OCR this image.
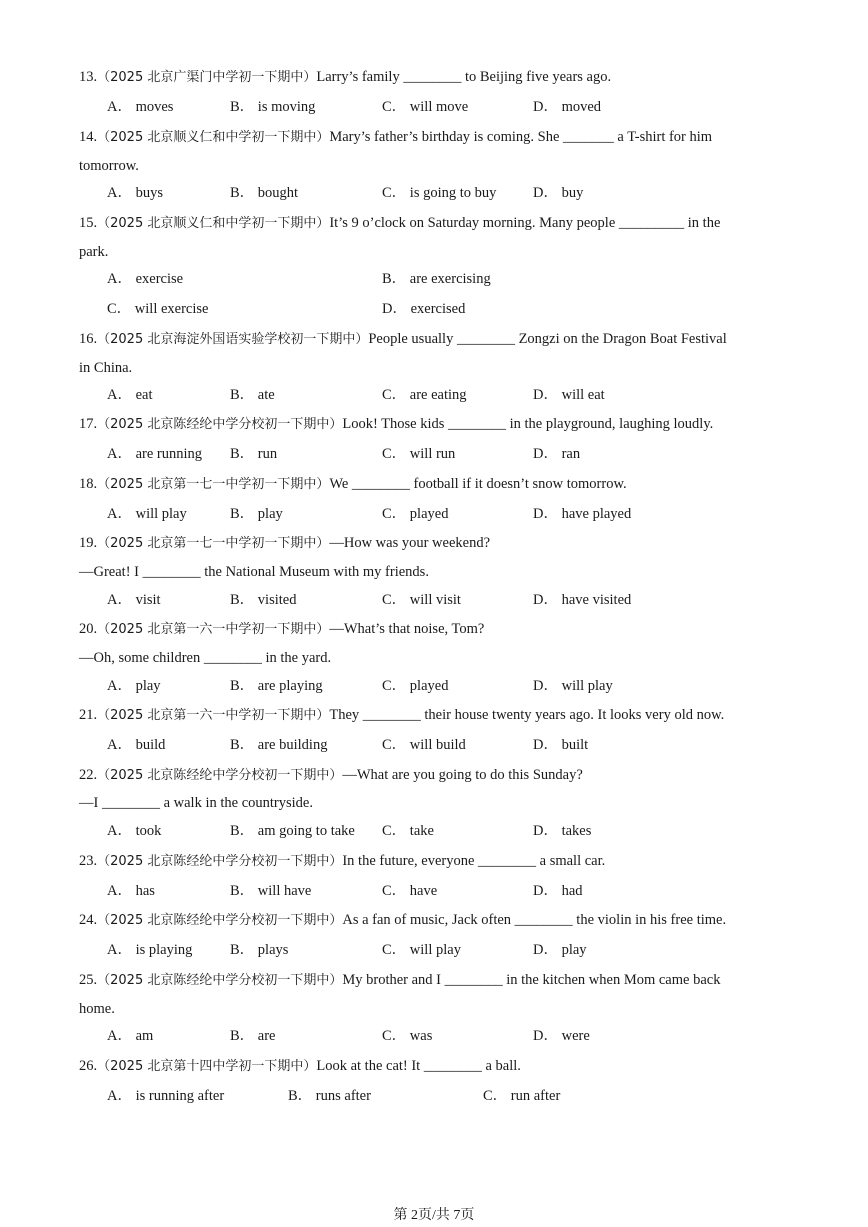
13.（2025 北京广渠门中学初一下期中）Larry’s family ________ to Beijing five years ago.
A． moves	B． is moving	C． will move	D． moved
14.（2025 北京顺义仁和中学初一下期中）Mary’s father’s birthday is coming. She _______ a T-shirt for him
tomorrow.
A． buys	B． bought	C． is going to buy	D． buy
15.（2025 北京顺义仁和中学初一下期中）It’s 9 o’clock on Saturday morning. Many people _________ in the
park.
A． exercise	B． are exercising
C． will exercise	D． exercised
16.（2025 北京海淀外国语实验学校初一下期中）People usually ________ Zongzi on the Dragon Boat Festival
in China.
A． eat	B． ate	C． are eating	D． will eat
17.（2025 北京陈经纶中学分校初一下期中）Look! Those kids ________ in the playground, laughing loudly.
A． are running B． run	C． will run	D． ran
18.（2025 北京第一七一中学初一下期中）We ________ football if it doesn’t snow tomorrow.
A． will play	B． play	C． played	D． have played
19.（2025 北京第一七一中学初一下期中）—How was your weekend?
—Great! I ________ the National Museum with my friends.
A． visit	B． visited	C． will visit	D． have visited
20.（2025 北京第一六一中学初一下期中）—What’s that noise, Tom?
—Oh, some children ________ in the yard.
A． play	B． are playing	C． played	D． will play
21.（2025 北京第一六一中学初一下期中）They ________ their house twenty years ago. It looks very old now.
A． build	B． are building	C． will build	D． built
22.（2025 北京陈经纶中学分校初一下期中）—What are you going to do this Sunday?
—I ________ a walk in the countryside.
A． took	B． am going to take C． take	D． takes
23.（2025 北京陈经纶中学分校初一下期中）In the future, everyone ________ a small car.
A． has	B． will have	C． have	D． had
24.（2025 北京陈经纶中学分校初一下期中）As a fan of music, Jack often ________ the violin in his free time.
A． is playing	B． plays	C． will play	D． play
25.（2025 北京陈经纶中学分校初一下期中）My brother and I ________ in the kitchen when Mom came back
home.
A． am	B． are	C． was	D． were
26.（2025 北京第十四中学初一下期中）Look at the cat! It ________ a ball.
A． is running after	B． runs after	C． run after
第 2页/共 7页
